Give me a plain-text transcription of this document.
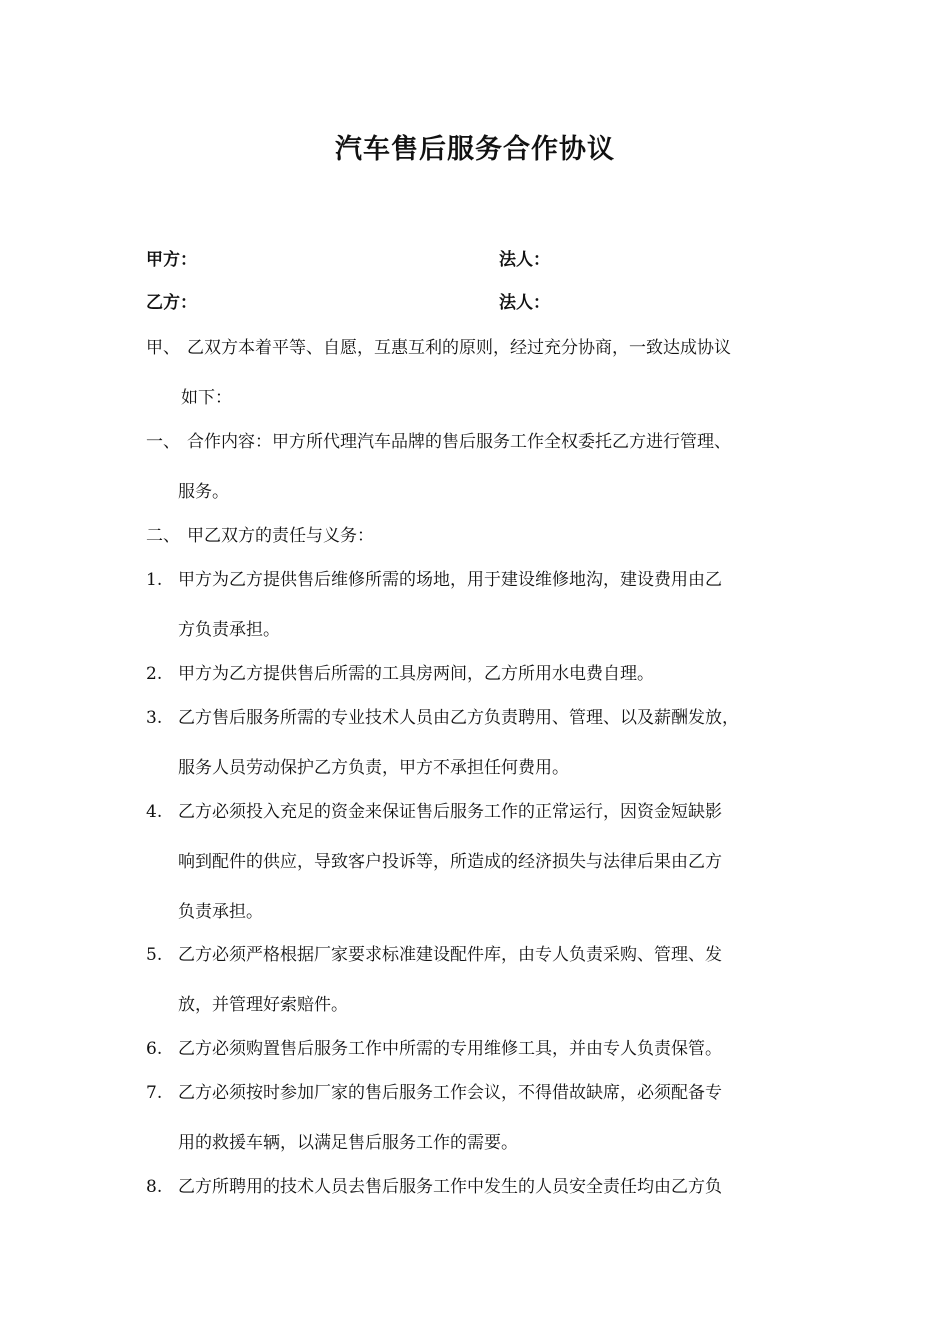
汽车售后服务合作协议
甲方：	法人：
乙方：	法人：
甲、 乙双方本着平等、自愿，互惠互利的原则，经过充分协商，一致达成协议
如下：
一、 合作内容：甲方所代理汽车品牌的售后服务工作全权委托乙方进行管理、
服务。
二、 甲乙双方的责任与义务：
1. 甲方为乙方提供售后维修所需的场地，用于建设维修地沟，建设费用由乙
方负责承担。
2. 甲方为乙方提供售后所需的工具房两间，乙方所用水电费自理。
3. 乙方售后服务所需的专业技术人员由乙方负责聘用、管理、以及薪酬发放，
服务人员劳动保护乙方负责，甲方不承担任何费用。
4. 乙方必须投入充足的资金来保证售后服务工作的正常运行，因资金短缺影
响到配件的供应，导致客户投诉等，所造成的经济损失与法律后果由乙方
负责承担。
5. 乙方必须严格根据厂家要求标准建设配件库，由专人负责采购、管理、发
放，并管理好索赔件。
6. 乙方必须购置售后服务工作中所需的专用维修工具，并由专人负责保管。
7. 乙方必须按时参加厂家的售后服务工作会议，不得借故缺席，必须配备专
用的救援车辆，以满足售后服务工作的需要。
8. 乙方所聘用的技术人员去售后服务工作中发生的人员安全责任均由乙方负
